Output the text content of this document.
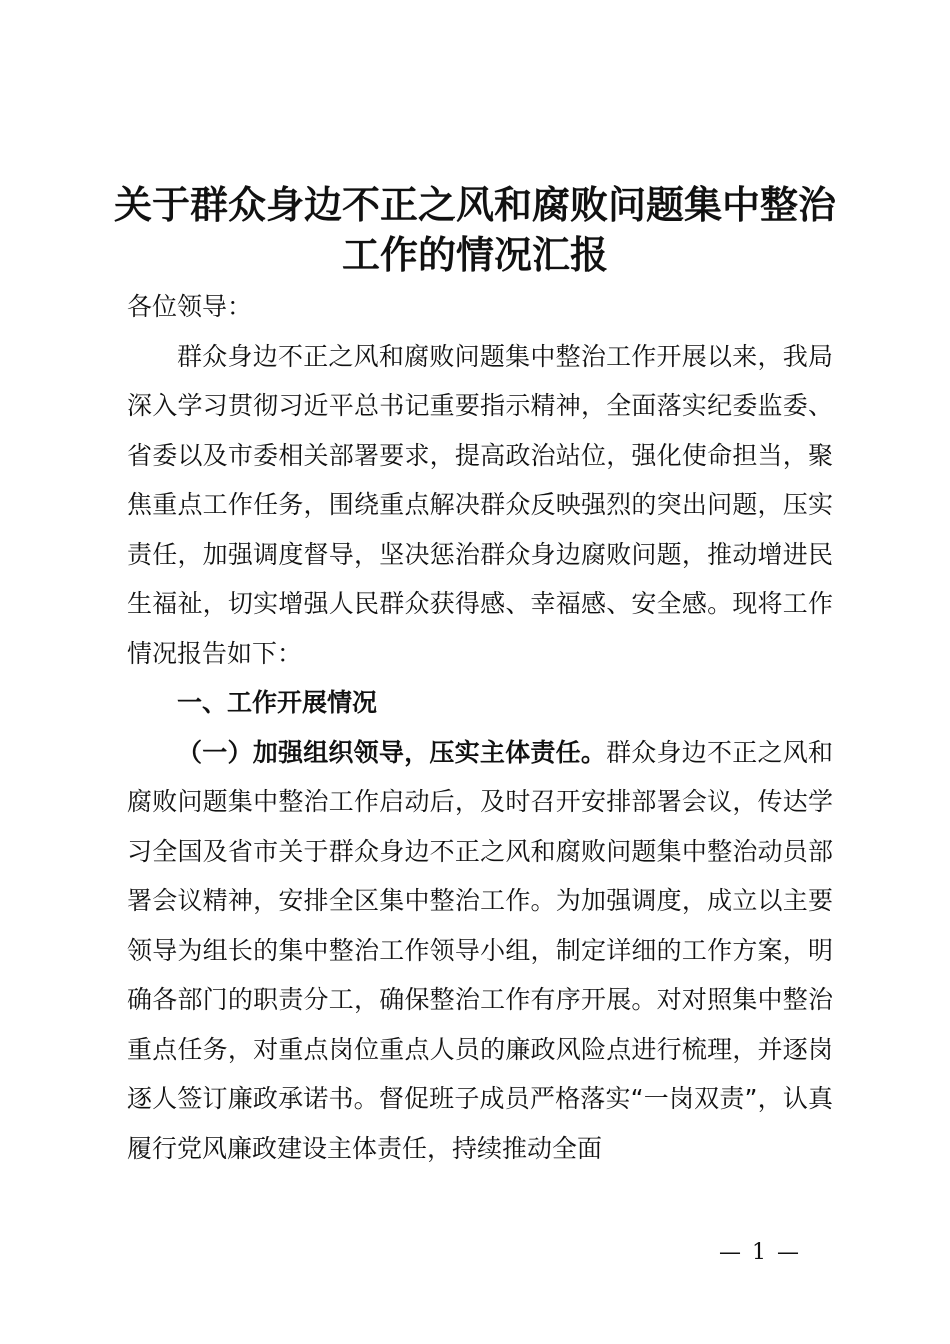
关于群众身边不正之风和腐败问题集中整治工作的情况汇报

各位领导：

群众身边不正之风和腐败问题集中整治工作开展以来，我局深入学习贯彻习近平总书记重要指示精神，全面落实纪委监委、省委以及市委相关部署要求，提高政治站位，强化使命担当，聚焦重点工作任务，围绕重点解决群众反映强烈的突出问题，压实责任，加强调度督导，坚决惩治群众身边腐败问题，推动增进民生福祉，切实增强人民群众获得感、幸福感、安全感。现将工作情况报告如下：

一、工作开展情况

（一）加强组织领导，压实主体责任。群众身边不正之风和腐败问题集中整治工作启动后，及时召开安排部署会议，传达学习全国及省市关于群众身边不正之风和腐败问题集中整治动员部署会议精神，安排全区集中整治工作。为加强调度，成立以主要领导为组长的集中整治工作领导小组，制定详细的工作方案，明确各部门的职责分工，确保整治工作有序开展。对对照集中整治重点任务，对重点岗位重点人员的廉政风险点进行梳理，并逐岗逐人签订廉政承诺书。督促班子成员严格落实“一岗双责”，认真履行党风廉政建设主体责任，持续推动全面

— 1 —
